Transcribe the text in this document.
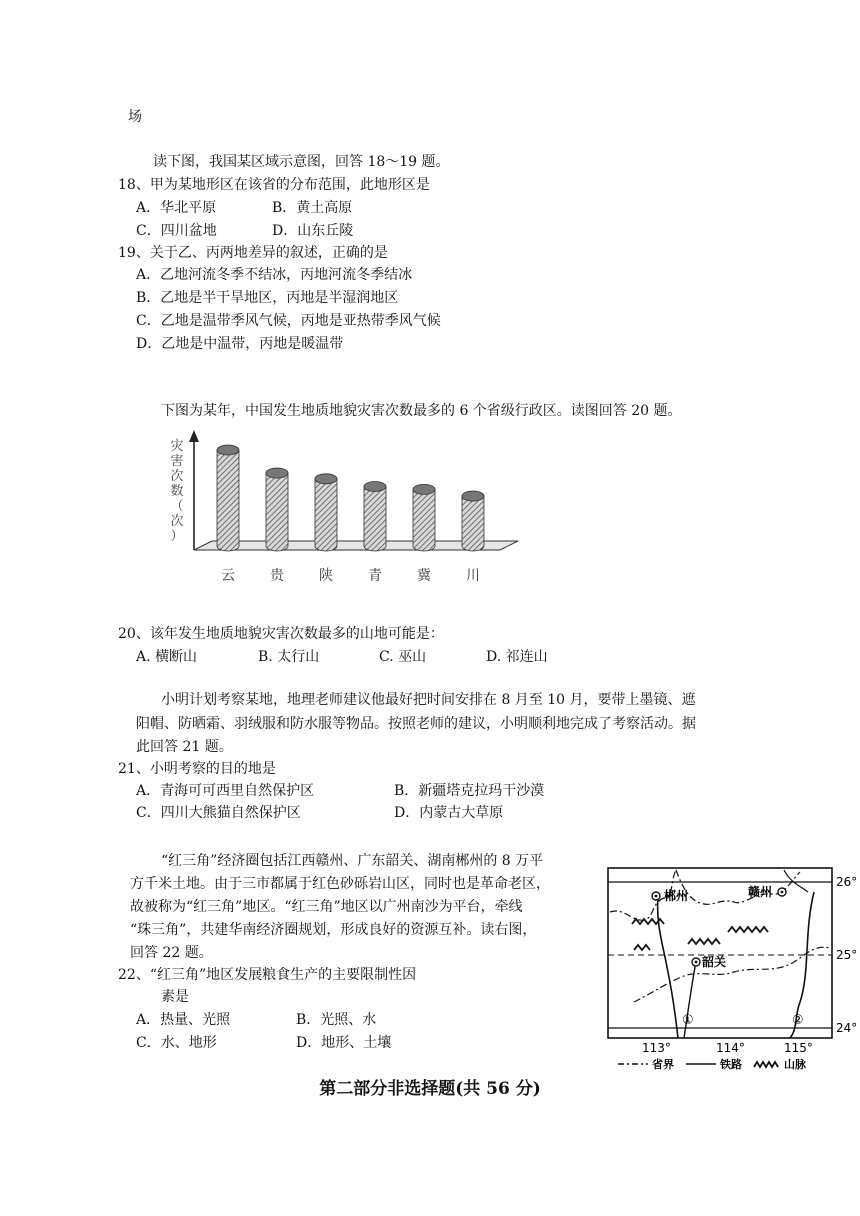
场
读下图，我国某区域示意图，回答 18～19 题。
18、甲为某地形区在该省的分布范围，此地形区是
A．华北平原	B．黄土高原
C．四川盆地	D．山东丘陵
19、关于乙、丙两地差异的叙述，正确的是
A．乙地河流冬季不结冰，丙地河流冬季结冰
B．乙地是半干旱地区，丙地是半湿润地区
C．乙地是温带季风气候，丙地是亚热带季风气候
D．乙地是中温带，丙地是暖温带
下图为某年，中国发生地质地貌灾害次数最多的 6 个省级行政区。读图回答 20 题。
灾
害
次
数
（
次
）
云	贵	陕	青	冀	川
20、该年发生地质地貌灾害次数最多的山地可能是：
A. 横断山	B. 太行山	C. 巫山	D. 祁连山
小明计划考察某地，地理老师建议他最好把时间安排在 8 月至 10 月，要带上墨镜、遮
阳帽、防晒霜、羽绒服和防水服等物品。按照老师的建议，小明顺利地完成了考察活动。据
此回答 21 题。
21、小明考察的目的地是
A．青海可可西里自然保护区	B．新疆塔克拉玛干沙漠
C．四川大熊猫自然保护区	D．内蒙古大草原
“红三角”经济圈包括江西赣州、广东韶关、湖南郴州的 8 万平
方千米土地。由于三市都属于红色砂砾岩山区，同时也是革命老区，
故被称为“红三角”地区。“红三角”地区以广州南沙为平台，牵线
“珠三角”，共建华南经济圈规划，形成良好的资源互补。读右图，
回答 22 题。
22、“红三角”地区发展粮食生产的主要限制性因
素是
A．热量、光照	B．光照、水
C．水、地形	D．地形、土壤
郴州	赣州
韶关
①	②
26°
25°
24°
113°	114°	115°
省界	铁路	山脉
第二部分非选择题(共 56 分)
